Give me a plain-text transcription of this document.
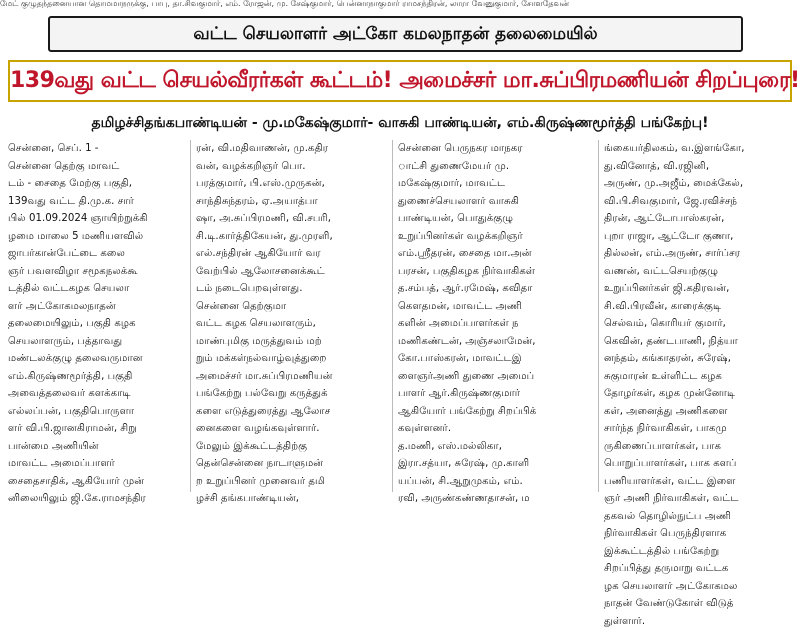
மேட் குழுதந்தனையான தொமமாநருக்கு, பாபு, தா.சிவகுமார், எம். ரோஜன், மு. சேஷ்குமார், பென்னாநாகுமார் ராமசந்திரன், லாரா வேனுகுமார், சோளதேவன்
வட்ட செயலாளர் அட்கோ கமலநாதன் தலைமையில்
139வது வட்ட செயல்வீரர்கள் கூட்டம்! அமைச்சர் மா.சுப்பிரமணியன் சிறப்புரை!
தமிழச்சிதங்கபாண்டியன் - மு.மகேஷ்குமார்- வாசுகி பாண்டியன், எம்.கிருஷ்ணமூர்த்தி பங்கேற்பு!
சென்னை, செப். 1 -
சென்னை தெற்கு மாவட்
டம் - சைதை மேற்கு பகுதி,
139வது வட்ட தி.மு.க. சார்
பில் 01.09.2024 ஞாயிற்றுக்கி
ழமை மாலை 5 மணியளவில்
ஜாபர்கான்பேட்டை கலை
ஞர் பவளவிழா சமூகநலக்கூ
டத்தில் வட்டகழக செயலா
ளர் அட்கோகமலநாதன்
தலைமையிலும், பகுதி கழக
செயலாளரும், பத்தாவது
மண்டலக்குழு தலைவருமான
எம்.கிருஷ்ணமூர்த்தி, பகுதி
அவைத்தலைவர் களக்காடி
எல்லப்பன், பகுதிபொருளா
ளர் வி.பி.ஜானகிராமன், சிறு
பான்மை அணியின்
மாவட்ட அமைப்பாளர்
சைதைசாதிக், ஆகியோர் முன்
னிலையிலும் ஜி.கே.ராமசந்திர
ரன், வி.மதிவாணன், மு.கதிர
வன், வழக்கறிஞர் பொ.
பரத்குமார், பி.எஸ்.முருகன்,
சாந்திசுந்தரம், ஏ.அயாத்பா
ஷா, அ.சுப்பிரமணி, வி.சபரி,
சி.டி.கார்த்திகேயன், து.முரளி,
எல்.சந்திரன் ஆகியோர் வர
வேற்பில் ஆலோசனைக்கூட்
டம் நடைபெறவுள்ளது.
சென்னை தெற்குமா
வட்ட கழக செயலாளரும்,
மாண்புமிகு மருத்துவம் மற்
றும் மக்கள்நல்வாழ்வுத்துறை
அமைச்சர் மா.சுப்பிரமணியன்
பங்கேற்று பல்வேறு கருத்துக்
களை எடுத்துரைத்து ஆலோச
னைகளை வழங்கவுள்ளார்.
மேலும் இக்கூட்டத்திற்கு
தென்சென்னை நாடாளுமன்
ற உறுப்பினர் முனைவர் தமி
ழச்சி தங்கபாண்டியன்,
சென்னை பெருநகர மாநகர
ாட்சி துணைமேயர் மு.
மகேஷ்குமார், மாவட்ட
துணைச்செயலாளர் வாசுகி
பாண்டியன், பொதுக்குழு
உறுப்பினர்கள் வழக்கறிஞர்
எம்.ஸ்ரீதரன், சைதை மா.அன்
பரசன், பகுதிகழக நிர்வாகிகள்
த.சம்பத், ஆர்.ரமேஷ், கவிதா
கௌதமன், மாவட்ட அணி
களின் அமைப்பாளர்கள் ந
மணிகண்டன், அஞ்சலாமேன்,
கோ.பாஸ்கரன், மாவட்டஇ
ளைஞர்அணி துணை அமைப்
பாளர் ஆர்.கிருஷ்ணகுமார்
ஆகியோர் பங்கேற்று சிறப்பிக்
கவுள்ளனர்.
த.மணி, எஸ்.மல்லிகா,
இரா.சத்யா, சுரேஷ், மு.காளி
யப்பன், சி.ஆறுமுகம், எம்.
ரவி, அருண்கண்ணதாசன், ம
ங்கையர்திலகம், வ.இளங்கோ,
து.வினோத், வி.ரஜினி,
அருண், மு.அஜீம், மைக்கேல்,
வி.பி.சிவகுமார், ஜே.ரவிச்சந்
திரன், ஆட்டோபாஸ்கரன்,
புறா ராஜா, ஆட்டோ குணா,
தில்லன், எம்.அருண், சார்ப்சர
வணன், வட்டசெயற்குழு
உறுப்பினர்கள் ஜி.கதிரவன்,
சி.வி.பிரவீன், காரைக்குடி
செல்வம், கொரியர் குமார்,
கெவின், தண்டபாணி, நித்யா
னந்தம், கங்காதரன், சுரேஷ்,
சுகுமாரன் உள்ளிட்ட கழக
தோழர்கள், கழக முன்னோடி
கள், அனைத்து அணிகளை
சார்ந்த நிர்வாகிகள், பாகமு
ருகிணைப்பாளர்கள், பாக
பொறுப்பாளர்கள், பாக களப்
பணியாளர்கள், வட்ட இளை
ஞர் அணி நிர்வாகிகள், வட்ட
தகவல் தொழில்நுட்ப அணி
நிர்வாகிகள் பெருந்திரளாக
இக்கூட்டத்தில் பங்கேற்று
சிறப்பித்து தருமாறு வட்டக
ழக செயலாளர் அட்கோகமல
நாதன் வேண்டுகோள் விடுத்
துள்ளார்.
